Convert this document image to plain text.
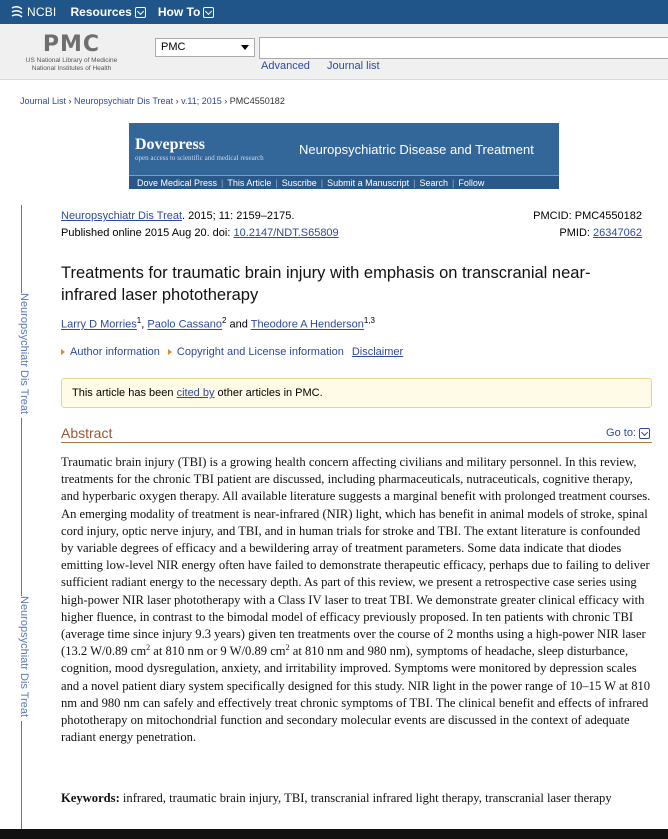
NCBI Resources How To
PMC
US National Library of Medicine
National Institutes of Health
PMC
Advanced Journal list
Journal List › Neuropsychiatr Dis Treat › v.11; 2015 › PMC4550182
Dovepress
open access to scientific and medical research
Neuropsychiatric Disease and Treatment
Dove Medical Press | This Article | Suscribe | Submit a Manuscript | Search | Follow
Neuropsychiatr Dis Treat
Neuropsychiatr Dis Treat
Neuropsychiatr Dis Treat. 2015; 11: 2159–2175.
Published online 2015 Aug 20. doi: 10.2147/NDT.S65809
PMCID: PMC4550182
PMID: 26347062
Treatments for traumatic brain injury with emphasis on transcranial near-infrared laser phototherapy
Larry D Morries$^1$, Paolo Cassano$^2$ and Theodore A Henderson$^{1,3}$
Author information Copyright and License information Disclaimer
This article has been cited by other articles in PMC.
Abstract	Go to:
Traumatic brain injury (TBI) is a growing health concern affecting civilians and military personnel. In this review, treatments for the chronic TBI patient are discussed, including pharmaceuticals, nutraceuticals, cognitive therapy, and hyperbaric oxygen therapy. All available literature suggests a marginal benefit with prolonged treatment courses. An emerging modality of treatment is near-infrared (NIR) light, which has benefit in animal models of stroke, spinal cord injury, optic nerve injury, and TBI, and in human trials for stroke and TBI. The extant literature is confounded by variable degrees of efficacy and a bewildering array of treatment parameters. Some data indicate that diodes emitting low-level NIR energy often have failed to demonstrate therapeutic efficacy, perhaps due to failing to deliver sufficient radiant energy to the necessary depth. As part of this review, we present a retrospective case series using high-power NIR laser phototherapy with a Class IV laser to treat TBI. We demonstrate greater clinical efficacy with higher fluence, in contrast to the bimodal model of efficacy previously proposed. In ten patients with chronic TBI (average time since injury 9.3 years) given ten treatments over the course of 2 months using a high-power NIR laser (13.2 W/0.89 $cm^2$ at 810 nm or 9 W/0.89 $cm^2$ at 810 nm and 980 nm), symptoms of headache, sleep disturbance, cognition, mood dysregulation, anxiety, and irritability improved. Symptoms were monitored by depression scales and a novel patient diary system specifically designed for this study. NIR light in the power range of 10–15 W at 810 nm and 980 nm can safely and effectively treat chronic symptoms of TBI. The clinical benefit and effects of infrared phototherapy on mitochondrial function and secondary molecular events are discussed in the context of adequate radiant energy penetration.
Keywords: infrared, traumatic brain injury, TBI, transcranial infrared light therapy, transcranial laser therapy
